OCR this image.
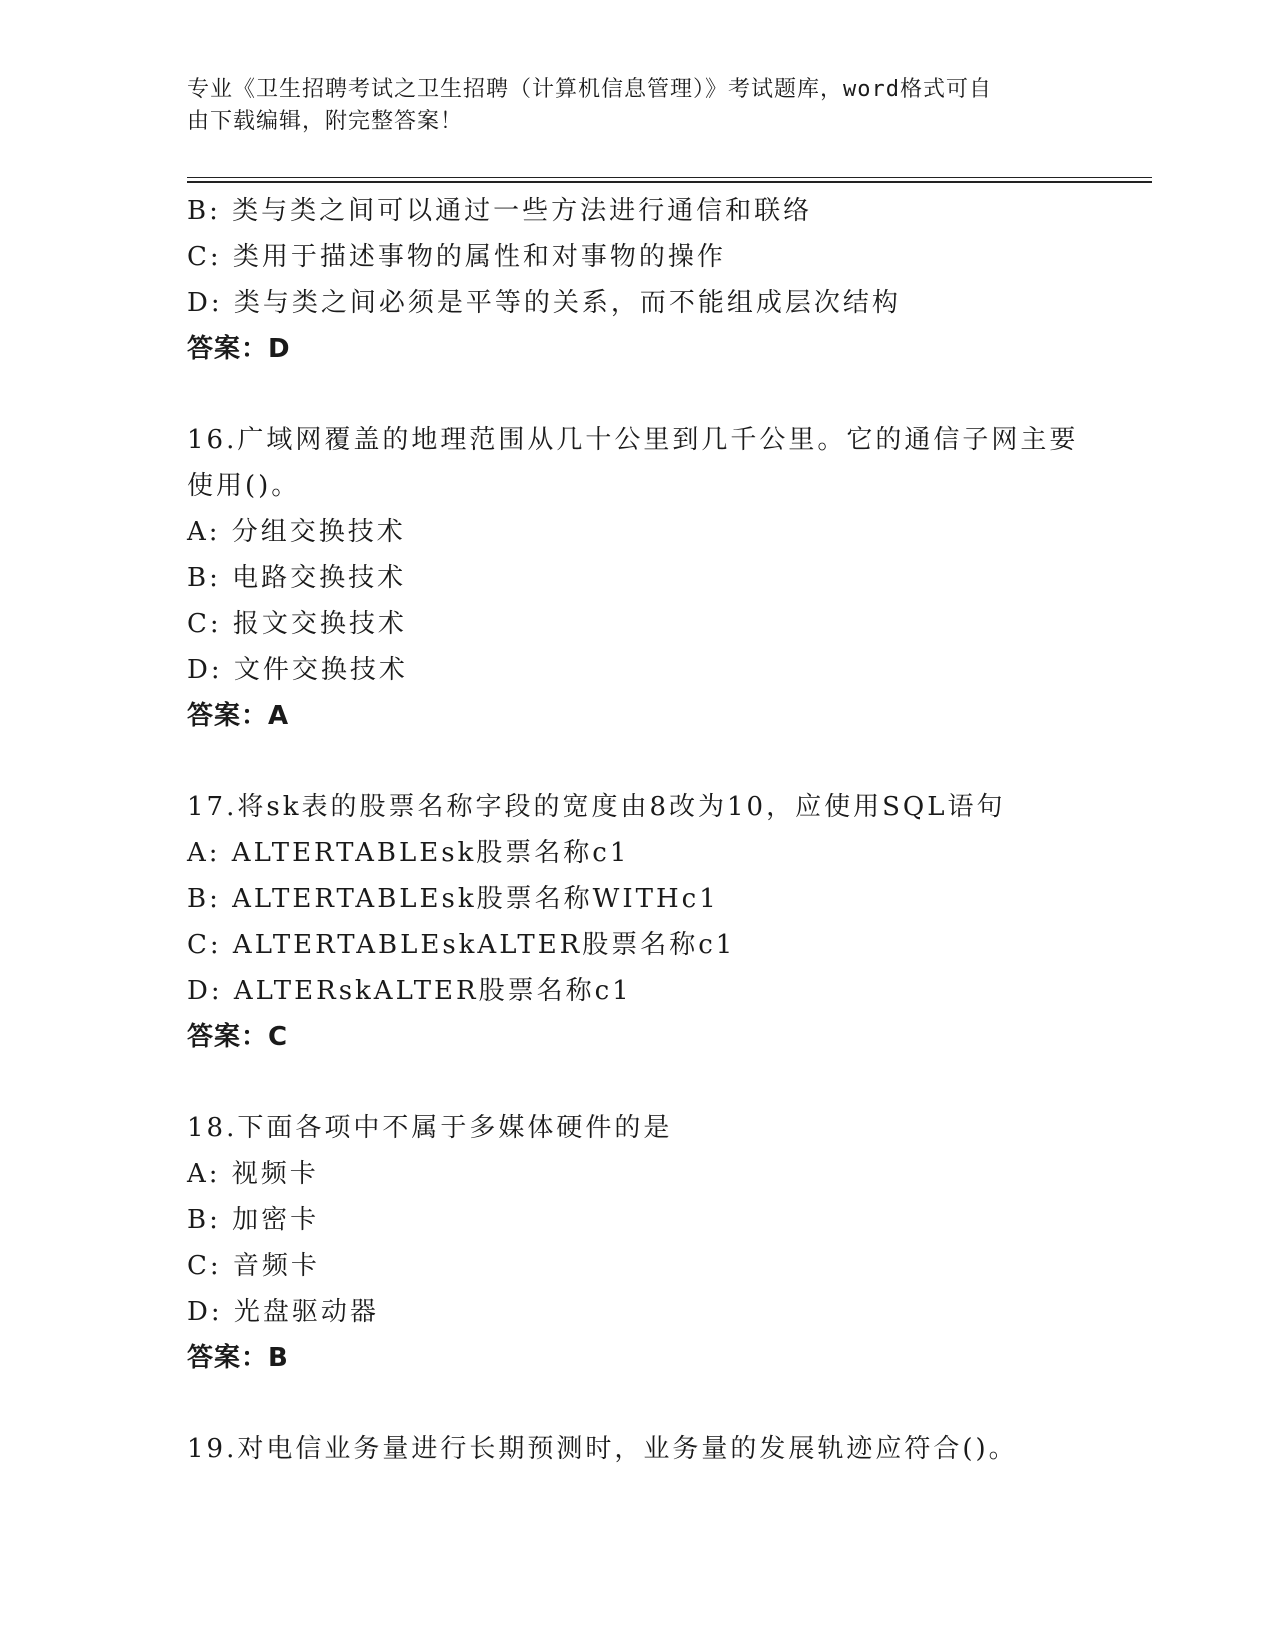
专业《卫生招聘考试之卫生招聘（计算机信息管理）》考试题库，word格式可自
由下载编辑，附完整答案！
B: 类与类之间可以通过一些方法进行通信和联络
C: 类用于描述事物的属性和对事物的操作
D: 类与类之间必须是平等的关系，而不能组成层次结构
答案：D
16.广域网覆盖的地理范围从几十公里到几千公里。它的通信子网主要
使用()。
A: 分组交换技术
B: 电路交换技术
C: 报文交换技术
D: 文件交换技术
答案：A
17.将sk表的股票名称字段的宽度由8改为10，应使用SQL语句
A: ALTERTABLEsk股票名称c1
B: ALTERTABLEsk股票名称WITHc1
C: ALTERTABLEskALTER股票名称c1
D: ALTERskALTER股票名称c1
答案：C
18.下面各项中不属于多媒体硬件的是
A: 视频卡
B: 加密卡
C: 音频卡
D: 光盘驱动器
答案：B
19.对电信业务量进行长期预测时，业务量的发展轨迹应符合()。
